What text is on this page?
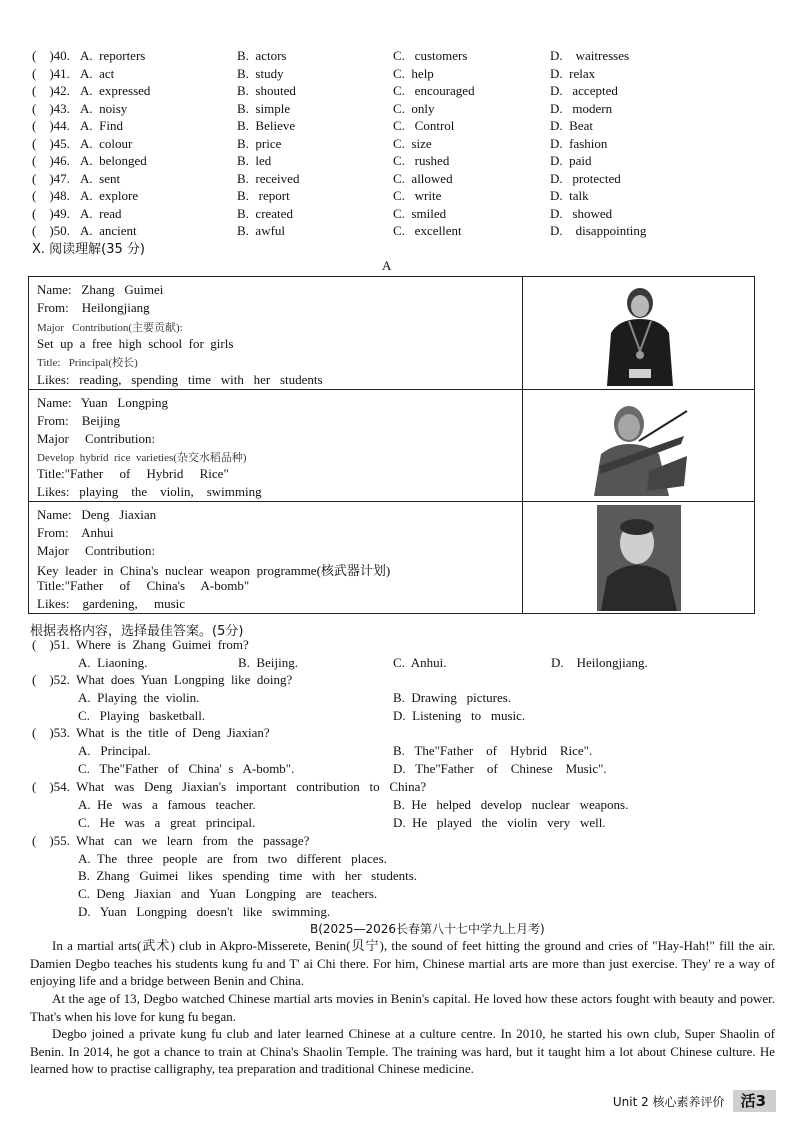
(    )40. A.  reporters	B.  actors	C.   customers	D.    waitresses
(    )41. A.  act	B.  study	C.  help	D.  relax
(    )42. A.  expressed	B.  shouted	C.   encouraged	D.   accepted
(    )43. A.  noisy	B.  simple	C.  only	D.   modern
(    )44. A.  Find	B.  Believe	C.   Control	D.  Beat
(    )45. A.  colour	B.  price	C.  size	D.  fashion
(    )46. A.  belonged	B.  led	C.   rushed	D.  paid
(    )47. A.  sent	B.  received	C.  allowed	D.   protected
(    )48. A.  explore	B.   report	C.   write	D.  talk
(    )49. A.  read	B.  created	C.  smiled	D.   showed
(    )50. A.  ancient	B.  awful	C.   excellent	D.    disappointing
X. 阅读理解(35 分)
A
Name:   Zhang   Guimei
From:    Heilongjiang
Major   Contribution(主要贡献):
Set  up  a  free  high  school  for  girls
Title:   Principal(校长)
Likes:   reading,   spending   time   with   her   students
Name:   Yuan   Longping
From:    Beijing
Major     Contribution:
Develop  hybrid  rice  varieties(杂交水稻品种)
Title:"Father     of     Hybrid     Rice"
Likes:   playing    the    violin,    swimming
Name:   Deng   Jiaxian
From:    Anhui
Major     Contribution:
Key  leader  in  China's  nuclear  weapon  programme(核武器计划)
Title:"Father     of     China's     A-bomb"
Likes:    gardening,     music
根据表格内容，选择最佳答案。(5分)
(    )51.  Where  is  Zhang  Guimei  from?
A.  Liaoning.	B.  Beijing.	C.  Anhui.	D.    Heilongjiang.
(    )52.  What  does  Yuan  Longping  like  doing?
A.  Playing  the  violin.	B.  Drawing   pictures.
C.   Playing   basketball.	D.  Listening   to   music.
(    )53.  What  is  the  title  of  Deng  Jiaxian?
A.   Principal.	B.   The"Father    of    Hybrid    Rice".
C.   The"Father   of   China'  s   A-bomb".	D.   The"Father    of    Chinese    Music".
(    )54.  What   was   Deng   Jiaxian's   important   contribution   to   China?
A.  He   was   a   famous   teacher.	B.  He   helped   develop   nuclear   weapons.
C.   He   was   a   great   principal.	D.  He   played   the   violin   very   well.
(    )55.  What   can   we   learn   from   the   passage?
A.  The   three   people   are   from   two   different   places.
B.  Zhang   Guimei   likes   spending   time   with   her   students.
C.  Deng   Jiaxian   and   Yuan   Longping   are   teachers.
D.   Yuan   Longping   doesn't   like   swimming.
B(2025—2026长春第八十七中学九上月考)
In a martial arts(武术) club in Akpro-Misserete, Benin(贝宁), the sound of feet hitting the ground and cries of "Hay-Hah!" fill the air. Damien Degbo teaches his students kung fu and T' ai Chi there. For him, Chinese martial arts are more than just exercise. They' re a way of enjoying life and a bridge between Benin and China.
At the age of 13, Degbo watched Chinese martial arts movies in Benin's capital. He loved how these actors fought with beauty and power. That's when his love for kung fu began.
Degbo joined a private kung fu club and later learned Chinese at a culture centre. In 2010, he started his own club, Super Shaolin of Benin. In 2014, he got a chance to train at China's Shaolin Temple. The training was hard, but it taught him a lot about Chinese culture. He learned how to practise calligraphy, tea preparation and traditional Chinese medicine.
Unit 2 核心素养评价	活3
